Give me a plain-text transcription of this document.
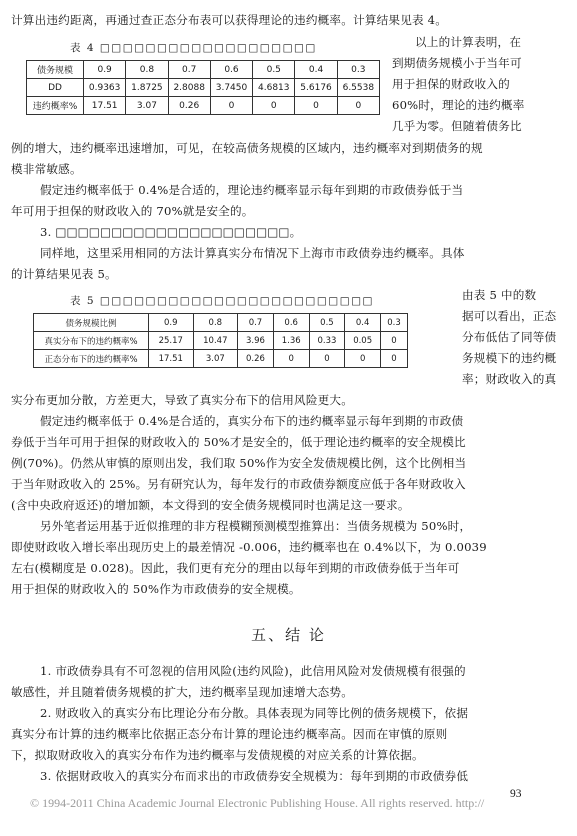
计算出违约距离，再通过查正态分布表可以获得理论的违约概率。计算结果见表 4。
以上的计算表明，在
到期债务规模小于当年可
用于担保的财政收入的
60%时，理论的违约概率
几乎为零。但随着债务比
例的增大，违约概率迅速增加，可见，在较高债务规模的区域内，违约概率对到期债务的规
模非常敏感。
假定违约概率低于 0.4%是合适的，理论违约概率显示每年到期的市政债券低于当
年可用于担保的财政收入的 70%就是安全的。
3. □□□□□□□□□□□□□□□□□□□□□。
同样地，这里采用相同的方法计算真实分布情况下上海市市政债券违约概率。具体
的计算结果见表 5。
由表 5 中的数
据可以看出，正态
分布低估了同等债
务规模下的违约概
率；财政收入的真
实分布更加分散，方差更大，导致了真实分布下的信用风险更大。
假定违约概率低于 0.4%是合适的，真实分布下的违约概率显示每年到期的市政债
券低于当年可用于担保的财政收入的 50%才是安全的，低于理论违约概率的安全规模比
例(70%)。仍然从审慎的原则出发，我们取 50%作为安全发债规模比例，这个比例相当
于当年财政收入的 25%。另有研究认为，每年发行的市政债券额度应低于各年财政收入
(含中央政府返还)的增加额，本文得到的安全债务规模同时也满足这一要求。
另外笔者运用基于近似推理的非方程模糊预测模型推算出：当债务规模为 50%时，
即使财政收入增长率出现历史上的最差情况 -0.006，违约概率也在 0.4%以下，为 0.0039
左右(模糊度是 0.028)。因此，我们更有充分的理由以每年到期的市政债券低于当年可
用于担保的财政收入的 50%作为市政债券的安全规模。
五、结 论
1. 市政债券具有不可忽视的信用风险(违约风险)，此信用风险对发债规模有很强的
敏感性，并且随着债务规模的扩大，违约概率呈现加速增大态势。
2. 财政收入的真实分布比理论分布分散。具体表现为同等比例的债务规模下，依据
真实分布计算的违约概率比依据正态分布计算的理论违约概率高。因而在审慎的原则
下，拟取财政收入的真实分布作为违约概率与发债规模的对应关系的计算依据。
3. 依据财政收入的真实分布而求出的市政债券安全规模为：每年到期的市政债券低
表 4 □□□□□□□□□□□□□□□□□□□
债务规模	0.9	0.8	0.7	0.6	0.5	0.4	0.3
DD	0.9363	1.8725	2.8088	3.7450	4.6813	5.6176	6.5538
违约概率%	17.51	3.07	0.26	0	0	0	0
表 5 □□□□□□□□□□□□□□□□□□□□□□□□
债务规模比例	0.9	0.8	0.7	0.6	0.5	0.4	0.3
真实分布下的违约概率%	25.17	10.47	3.96	1.36	0.33	0.05	0
正态分布下的违约概率%	17.51	3.07	0.26	0	0	0	0
93
© 1994-2011 China Academic Journal Electronic Publishing House. All rights reserved. http://
